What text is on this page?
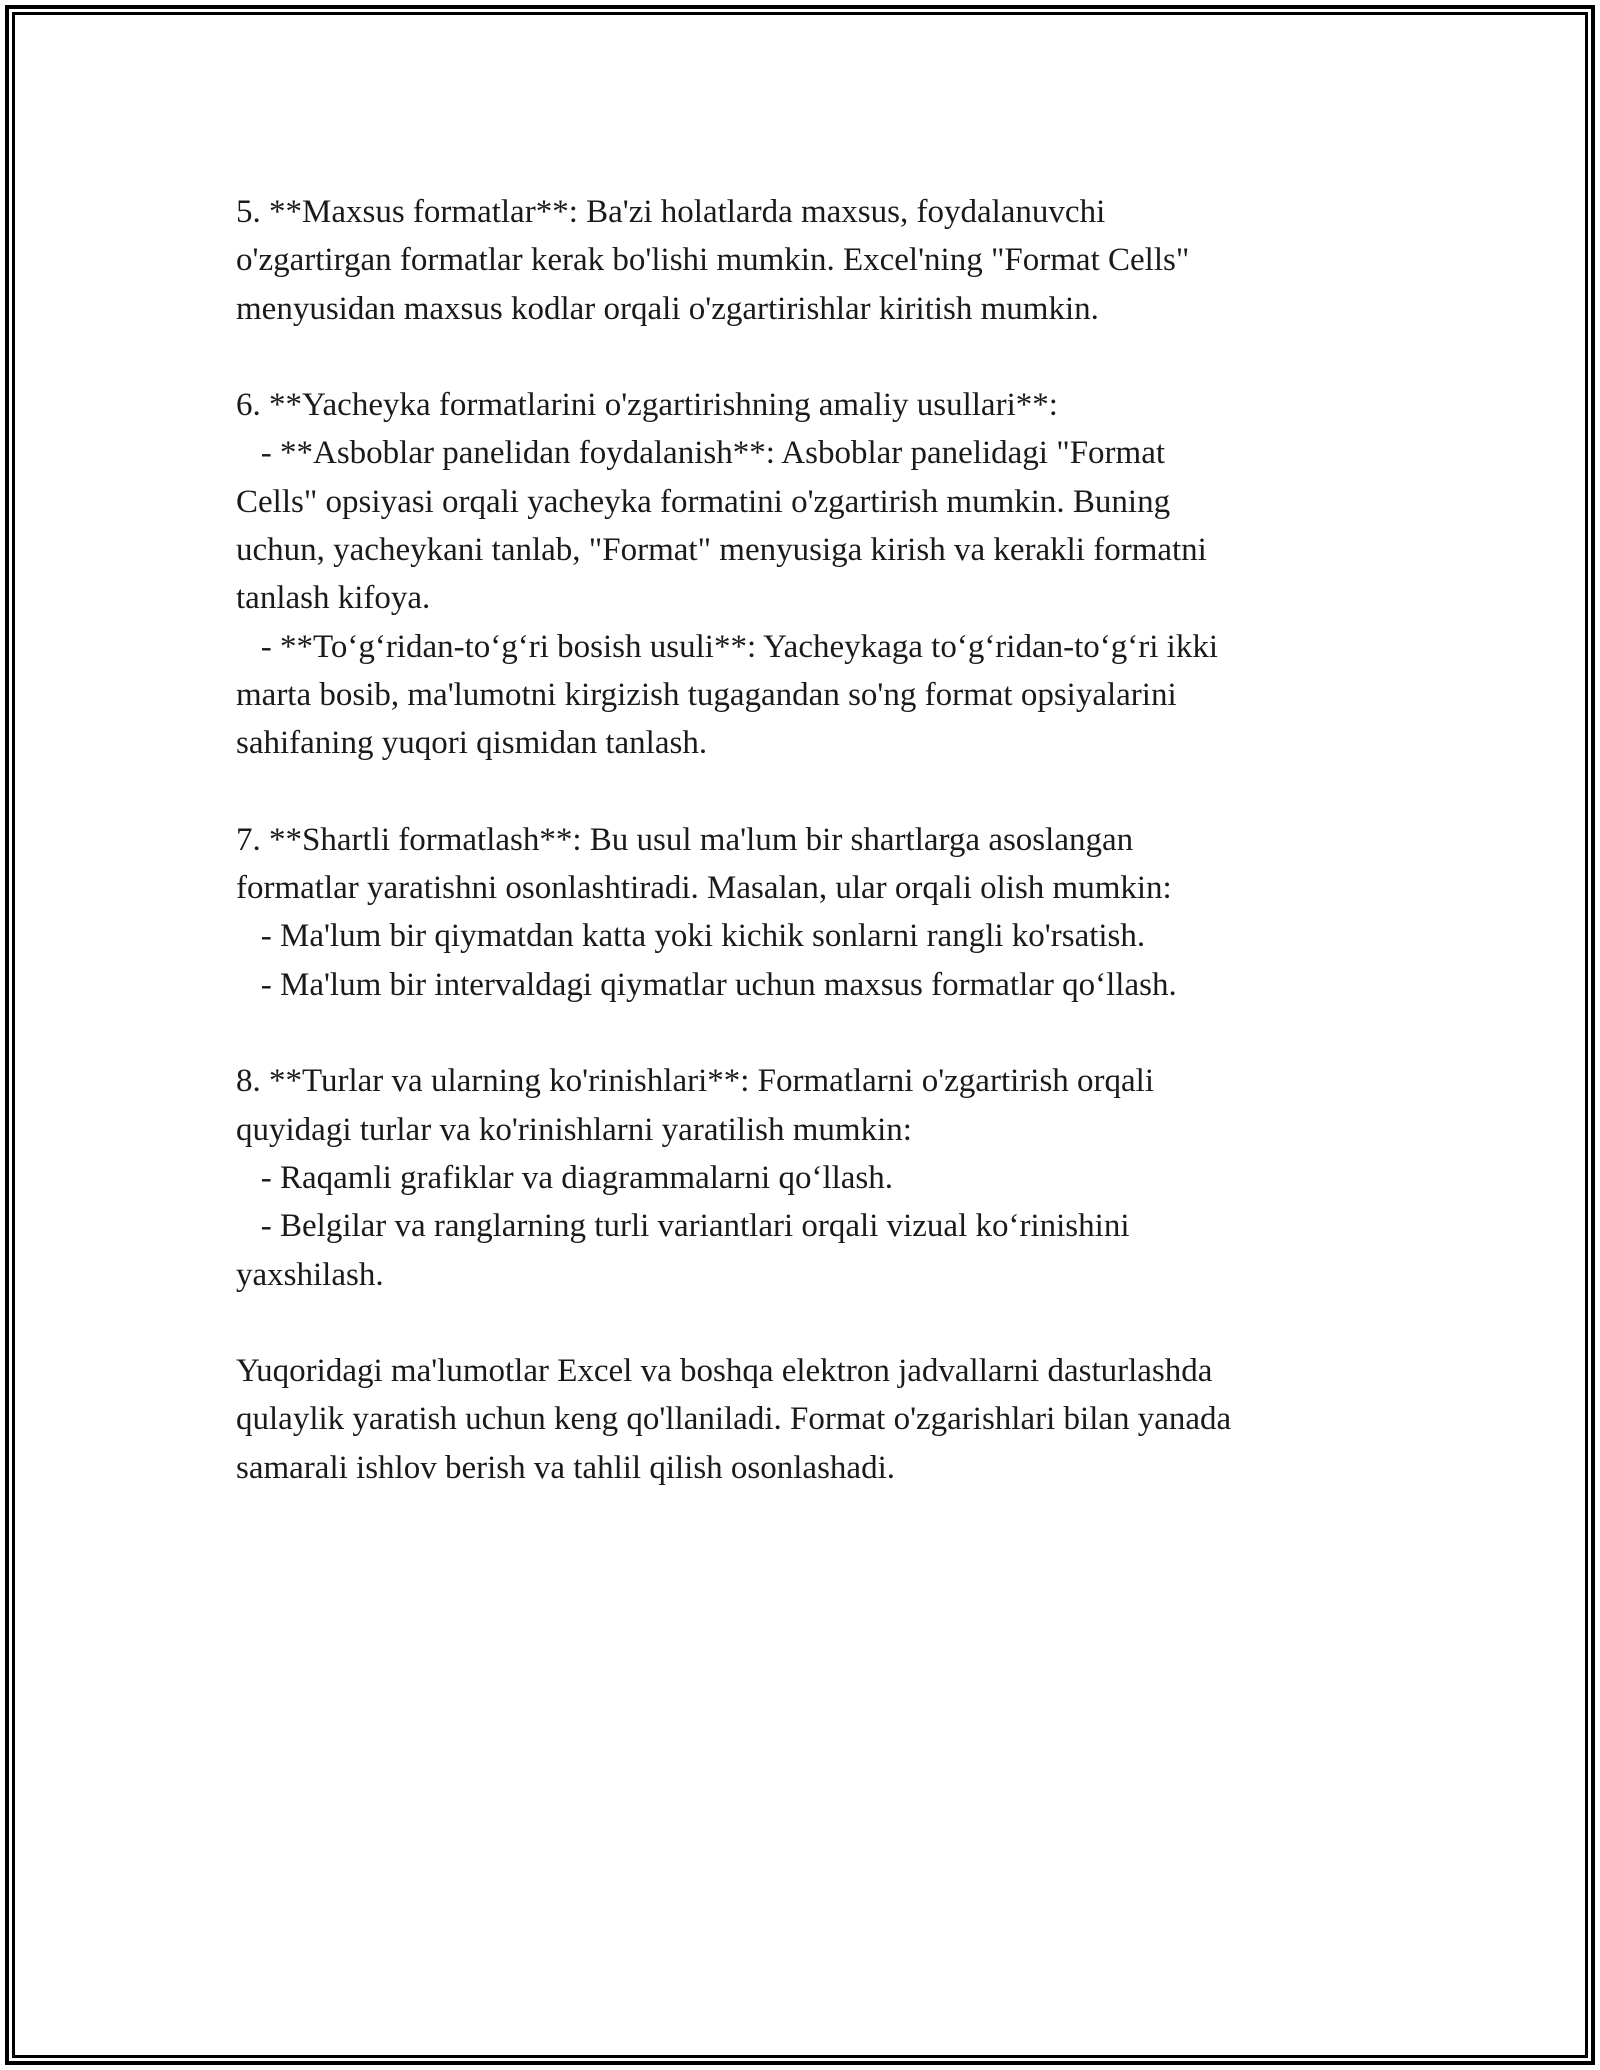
5. **Maxsus formatlar**: Ba'zi holatlarda maxsus, foydalanuvchi
o'zgartirgan formatlar kerak bo'lishi mumkin. Excel'ning "Format Cells"
menyusidan maxsus kodlar orqali o'zgartirishlar kiritish mumkin.
6. **Yacheyka formatlarini o'zgartirishning amaliy usullari**:
- **Asboblar panelidan foydalanish**: Asboblar panelidagi "Format
Cells" opsiyasi orqali yacheyka formatini o'zgartirish mumkin. Buning
uchun, yacheykani tanlab, "Format" menyusiga kirish va kerakli formatni
tanlash kifoya.
- **To‘g‘ridan-to‘g‘ri bosish usuli**: Yacheykaga to‘g‘ridan-to‘g‘ri ikki
marta bosib, ma'lumotni kirgizish tugagandan so'ng format opsiyalarini
sahifaning yuqori qismidan tanlash.
7. **Shartli formatlash**: Bu usul ma'lum bir shartlarga asoslangan
formatlar yaratishni osonlashtiradi. Masalan, ular orqali olish mumkin:
- Ma'lum bir qiymatdan katta yoki kichik sonlarni rangli ko'rsatish.
- Ma'lum bir intervaldagi qiymatlar uchun maxsus formatlar qo‘llash.
8. **Turlar va ularning ko'rinishlari**: Formatlarni o'zgartirish orqali
quyidagi turlar va ko'rinishlarni yaratilish mumkin:
- Raqamli grafiklar va diagrammalarni qo‘llash.
- Belgilar va ranglarning turli variantlari orqali vizual ko‘rinishini
yaxshilash.
Yuqoridagi ma'lumotlar Excel va boshqa elektron jadvallarni dasturlashda
qulaylik yaratish uchun keng qo'llaniladi. Format o'zgarishlari bilan yanada
samarali ishlov berish va tahlil qilish osonlashadi.
